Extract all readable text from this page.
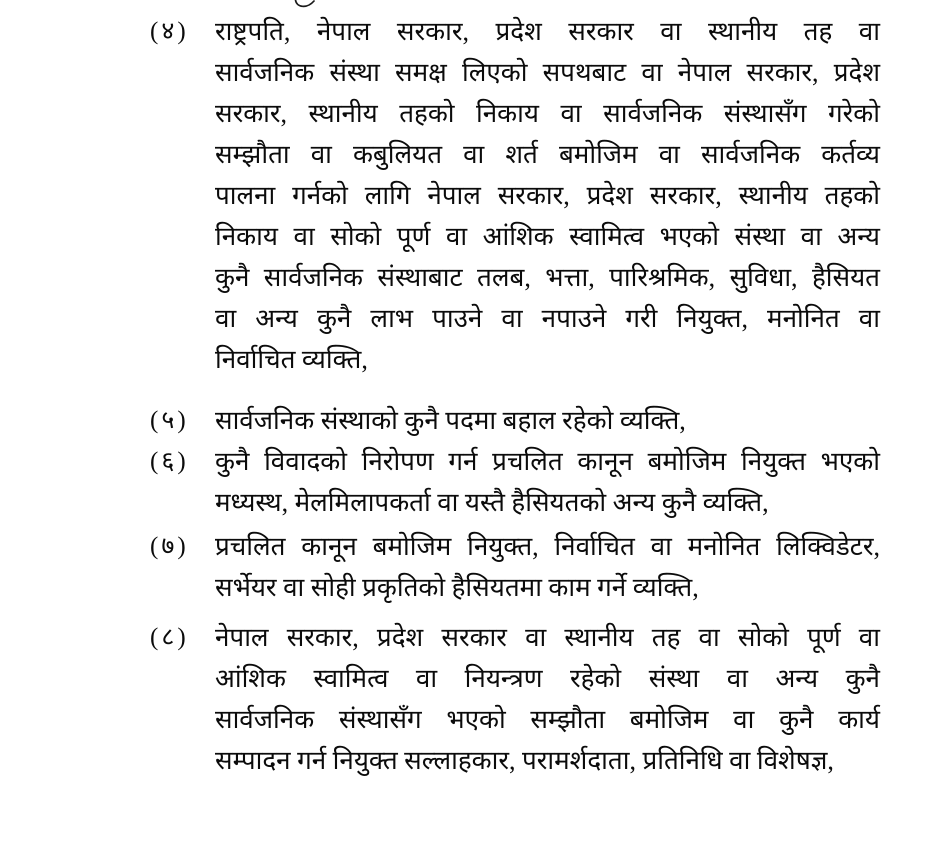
(४)	राष्ट्रपति, नेपाल सरकार, प्रदेश सरकार वा स्थानीय तह वा
सार्वजनिक संस्था समक्ष लिएको सपथबाट वा नेपाल सरकार, प्रदेश
सरकार, स्थानीय तहको निकाय वा सार्वजनिक संस्थासँग गरेको
सम्झौता वा कबुलियत वा शर्त बमोजिम वा सार्वजनिक कर्तव्य
पालना गर्नको लागि नेपाल सरकार, प्रदेश सरकार, स्थानीय तहको
निकाय वा सोको पूर्ण वा आंशिक स्वामित्व भएको संस्था वा अन्य
कुनै सार्वजनिक संस्थाबाट तलब, भत्ता, पारिश्रमिक, सुविधा, हैसियत
वा अन्य कुनै लाभ पाउने वा नपाउने गरी नियुक्त, मनोनित वा
निर्वाचित व्यक्ति,
(५)	सार्वजनिक संस्थाको कुनै पदमा बहाल रहेको व्यक्ति,
(६)	कुनै विवादको निरोपण गर्न प्रचलित कानून बमोजिम नियुक्त भएको
मध्यस्थ, मेलमिलापकर्ता वा यस्तै हैसियतको अन्य कुनै व्यक्ति,
(७)	प्रचलित कानून बमोजिम नियुक्त, निर्वाचित वा मनोनित लिक्विडेटर,
सर्भेयर वा सोही प्रकृतिको हैसियतमा काम गर्ने व्यक्ति,
(८)	नेपाल सरकार, प्रदेश सरकार वा स्थानीय तह वा सोको पूर्ण वा
आंशिक स्वामित्व वा नियन्त्रण रहेको संस्था वा अन्य कुनै
सार्वजनिक संस्थासँग भएको सम्झौता बमोजिम वा कुनै कार्य
सम्पादन गर्न नियुक्त सल्लाहकार, परामर्शदाता, प्रतिनिधि वा विशेषज्ञ,
